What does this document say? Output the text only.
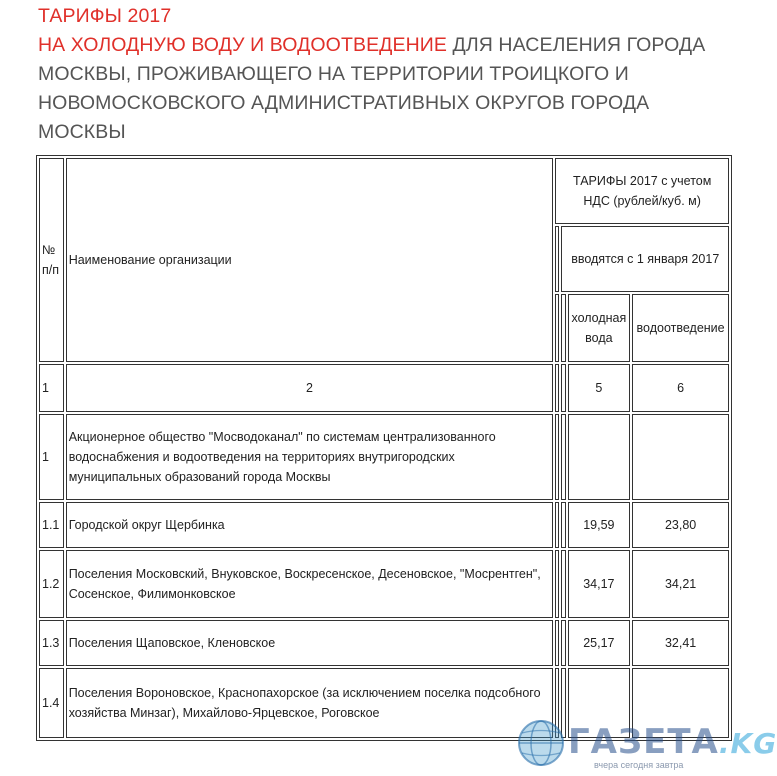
ТАРИФЫ 2017
НА ХОЛОДНУЮ ВОДУ И ВОДООТВЕДЕНИЕ ДЛЯ НАСЕЛЕНИЯ ГОРОДА МОСКВЫ, ПРОЖИВАЮЩЕГО НА ТЕРРИТОРИИ ТРОИЦКОГО И НОВОМОСКОВСКОГО АДМИНИСТРАТИВНЫХ ОКРУГОВ ГОРОДА МОСКВЫ
№ п/п	Наименование организации	ТАРИФЫ 2017 с учетом НДС (рублей/куб. м)			
			вводятся с 1 января 2017		
				холодная вода	водоотведение
1	2			5	6
1	Акционерное общество "Мосводоканал" по системам централизованного водоснабжения и водоотведения на территориях внутригородских муниципальных образований города Москвы				
1.1	Городской округ Щербинка			19,59	23,80
1.2	Поселения Московский, Внуковское, Воскресенское, Десеновское, "Мосрентген", Сосенское, Филимонковское			34,17	34,21
1.3	Поселения Щаповское, Кленовское			25,17	32,41
1.4	Поселения Вороновское, Краснопахорское (за исключением поселка подсобного хозяйства Минзаг), Михайлово-Ярцевское, Роговское				
ГАЗЕТА.KG
вчера сегодня завтра
